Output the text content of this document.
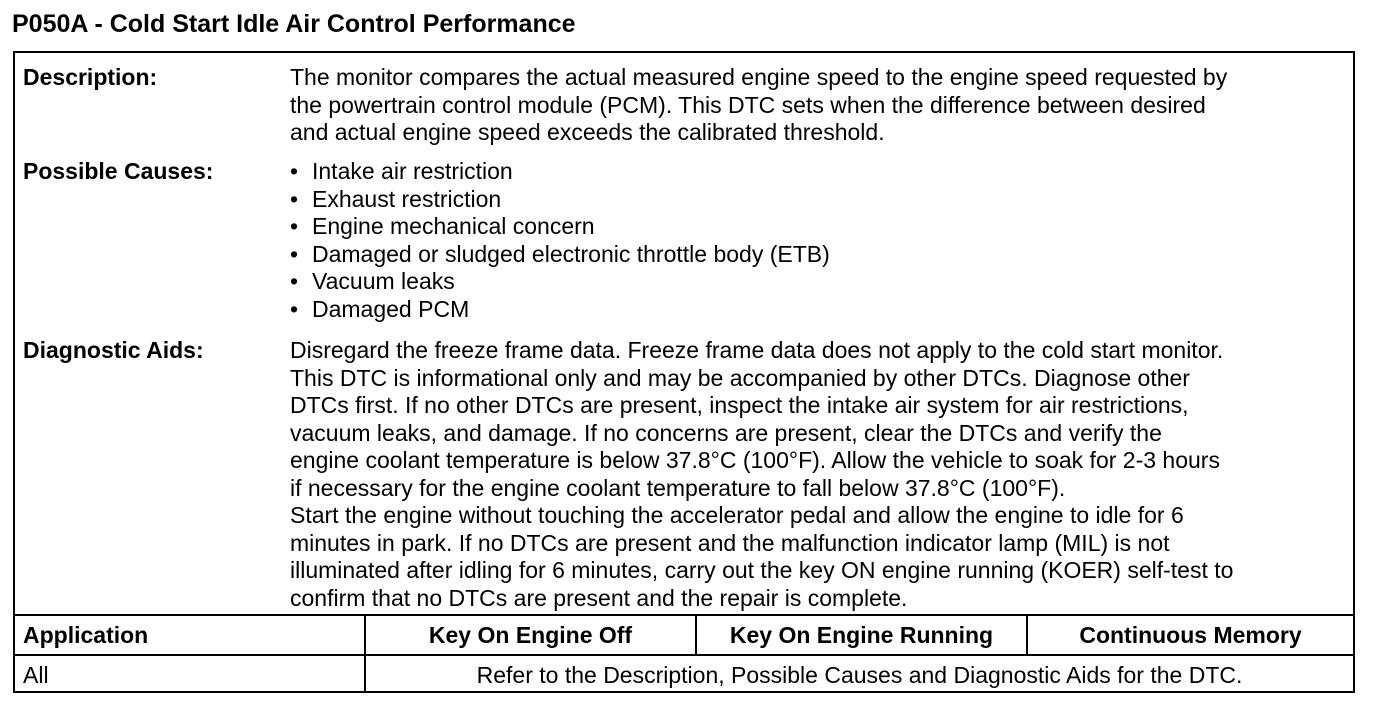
P050A - Cold Start Idle Air Control Performance
Description:	The monitor compares the actual measured engine speed to the engine speed requested by

the powertrain control module (PCM). This DTC sets when the difference between desired

and actual engine speed exceeds the calibrated threshold.

Possible Causes:	• Intake air restriction
• Exhaust restriction
• Engine mechanical concern
• Damaged or sludged electronic throttle body (ETB)
• Vacuum leaks
• Damaged PCM
Diagnostic Aids:	Disregard the freeze frame data. Freeze frame data does not apply to the cold start monitor.

This DTC is informational only and may be accompanied by other DTCs. Diagnose other

DTCs first. If no other DTCs are present, inspect the intake air system for air restrictions,

vacuum leaks, and damage. If no concerns are present, clear the DTCs and verify the

engine coolant temperature is below 37.8°C (100°F). Allow the vehicle to soak for 2-3 hours

if necessary for the engine coolant temperature to fall below 37.8°C (100°F).

Start the engine without touching the accelerator pedal and allow the engine to idle for 6

minutes in park. If no DTCs are present and the malfunction indicator lamp (MIL) is not

illuminated after idling for 6 minutes, carry out the key ON engine running (KOER) self-test to

confirm that no DTCs are present and the repair is complete.

Application	Key On Engine Off	Key On Engine Running	Continuous Memory
All	Refer to the Description, Possible Causes and Diagnostic Aids for the DTC.
